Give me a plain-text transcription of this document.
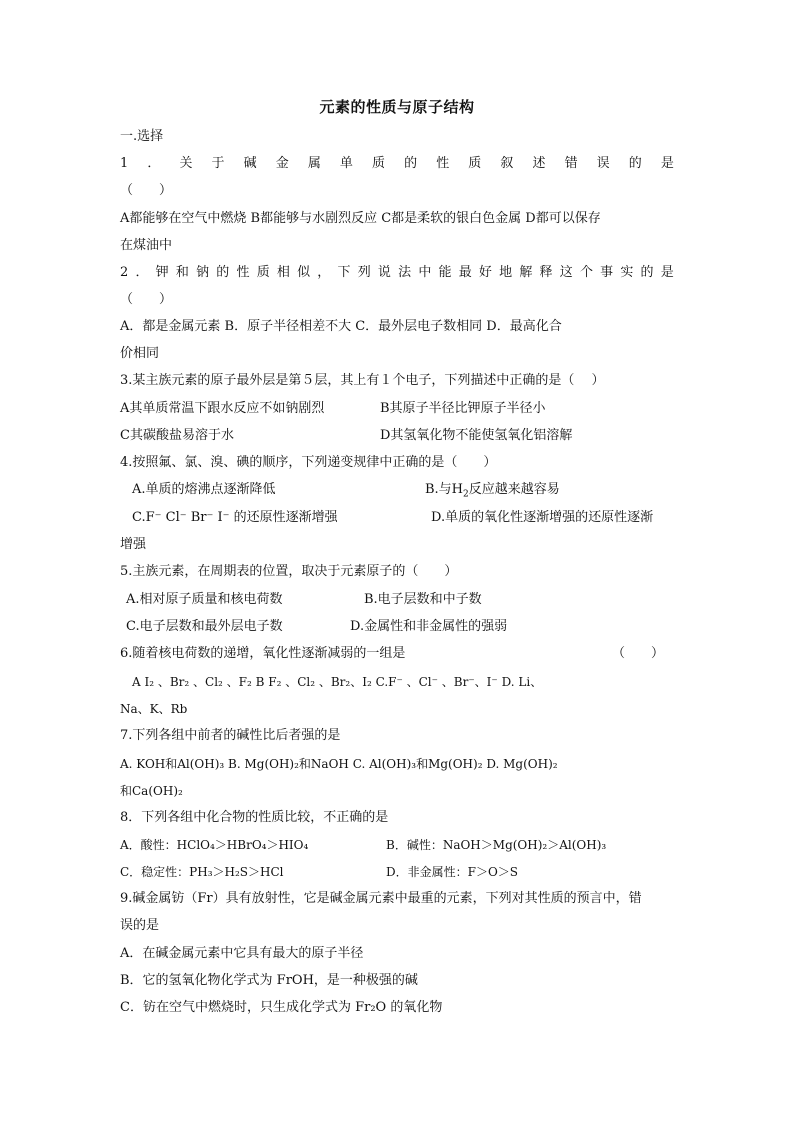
元素的性质与原子结构
一.选择
1 ． 关 于 碱 金 属 单 质 的 性 质 叙 述 错 误 的 是
（　　）
A都能够在空气中燃烧 B都能够与水剧烈反应 C都是柔软的银白色金属 D都可以保存
在煤油中
2 ． 钾 和 钠 的 性 质 相 似 ， 下 列 说 法 中 能 最 好 地 解 释 这 个 事 实 的 是
（　　）
A．都是金属元素 B．原子半径相差不大 C．最外层电子数相同 D．最高化合
价相同
3.某主族元素的原子最外层是第５层，其上有１个电子，下列描述中正确的是（　 ）
A其单质常温下跟水反应不如钠剧烈	B其原子半径比钾原子半径小
C其碳酸盐易溶于水	D其氢氧化物不能使氢氧化铝溶解
4.按照氟、氯、溴、碘的顺序，下列递变规律中正确的是（　　）
A.单质的熔沸点逐渐降低	B.与$H_2$反应越来越容易
C.F⁻ Cl⁻ Br⁻ I⁻ 的还原性逐渐增强	D.单质的氧化性逐渐增强的还原性逐渐
增强
5.主族元素，在周期表的位置，取决于元素原子的（　　）
A.相对原子质量和核电荷数	B.电子层数和中子数
C.电子层数和最外层电子数	D.金属性和非金属性的强弱
6.随着核电荷数的递增，氧化性逐渐减弱的一组是	（　　）
A I₂ 、Br₂ 、Cl₂ 、F₂ B F₂ 、Cl₂ 、Br₂、I₂ C.F⁻ 、Cl⁻ 、Br⁻、I⁻ D. Li、
Na、K、Rb
7.下列各组中前者的碱性比后者强的是
A. KOH和Al(OH)₃ B. Mg(OH)₂和NaOH C. Al(OH)₃和Mg(OH)₂ D. Mg(OH)₂
和Ca(OH)₂
8．下列各组中化合物的性质比较，不正确的是
A．酸性：HClO₄＞HBrO₄＞HIO₄	B．碱性：NaOH＞Mg(OH)₂＞Al(OH)₃
C．稳定性：PH₃＞H₂S＞HCl	D．非金属性：F＞O＞S
9.碱金属钫（Fr）具有放射性，它是碱金属元素中最重的元素，下列对其性质的预言中，错
误的是
A．在碱金属元素中它具有最大的原子半径
B．它的氢氧化物化学式为 FrOH，是一种极强的碱
C．钫在空气中燃烧时，只生成化学式为 Fr₂O 的氧化物
